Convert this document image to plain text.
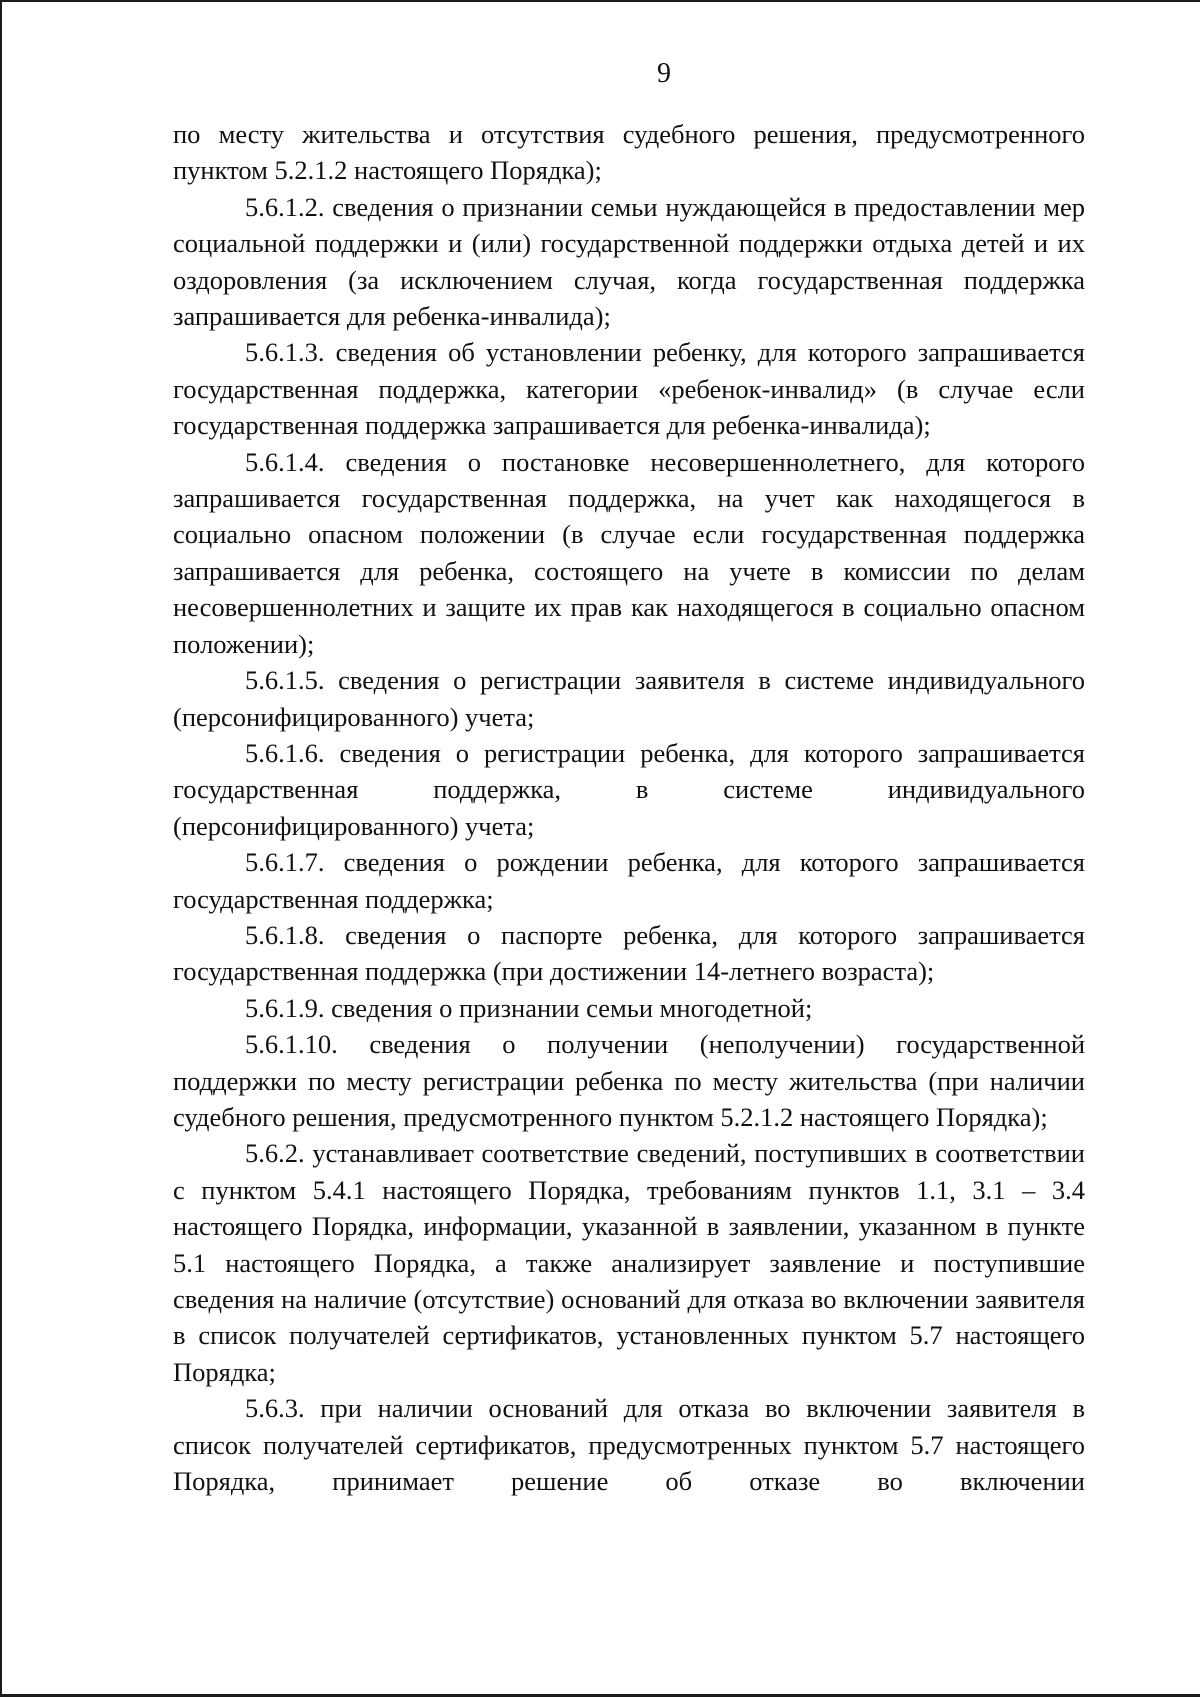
9

по месту жительства и отсутствия судебного решения, предусмотренного пунктом 5.2.1.2 настоящего Порядка);

5.6.1.2. сведения о признании семьи нуждающейся в предоставлении мер социальной поддержки и (или) государственной поддержки отдыха детей и их оздоровления (за исключением случая, когда государственная поддержка запрашивается для ребенка-инвалида);

5.6.1.3. сведения об установлении ребенку, для которого запрашивается государственная поддержка, категории «ребенок-инвалид» (в случае если государственная поддержка запрашивается для ребенка-инвалида);

5.6.1.4. сведения о постановке несовершеннолетнего, для которого запрашивается государственная поддержка, на учет как находящегося в социально опасном положении (в случае если государственная поддержка запрашивается для ребенка, состоящего на учете в комиссии по делам несовершеннолетних и защите их прав как находящегося в социально опасном положении);

5.6.1.5. сведения о регистрации заявителя в системе индивидуального (персонифицированного) учета;

5.6.1.6. сведения о регистрации ребенка, для которого запрашивается государственная поддержка, в системе индивидуального (персонифицированного) учета;

5.6.1.7. сведения о рождении ребенка, для которого запрашивается государственная поддержка;

5.6.1.8. сведения о паспорте ребенка, для которого запрашивается государственная поддержка (при достижении 14-летнего возраста);

5.6.1.9. сведения о признании семьи многодетной;

5.6.1.10. сведения о получении (неполучении) государственной поддержки по месту регистрации ребенка по месту жительства (при наличии судебного решения, предусмотренного пунктом 5.2.1.2 настоящего Порядка);

5.6.2. устанавливает соответствие сведений, поступивших в соответствии с пунктом 5.4.1 настоящего Порядка, требованиям пунктов 1.1, 3.1 – 3.4 настоящего Порядка, информации, указанной в заявлении, указанном в пункте 5.1 настоящего Порядка, а также анализирует заявление и поступившие сведения на наличие (отсутствие) оснований для отказа во включении заявителя в список получателей сертификатов, установленных пунктом 5.7 настоящего Порядка;

5.6.3. при наличии оснований для отказа во включении заявителя в список получателей сертификатов, предусмотренных пунктом 5.7 настоящего Порядка, принимает решение об отказе во включении
